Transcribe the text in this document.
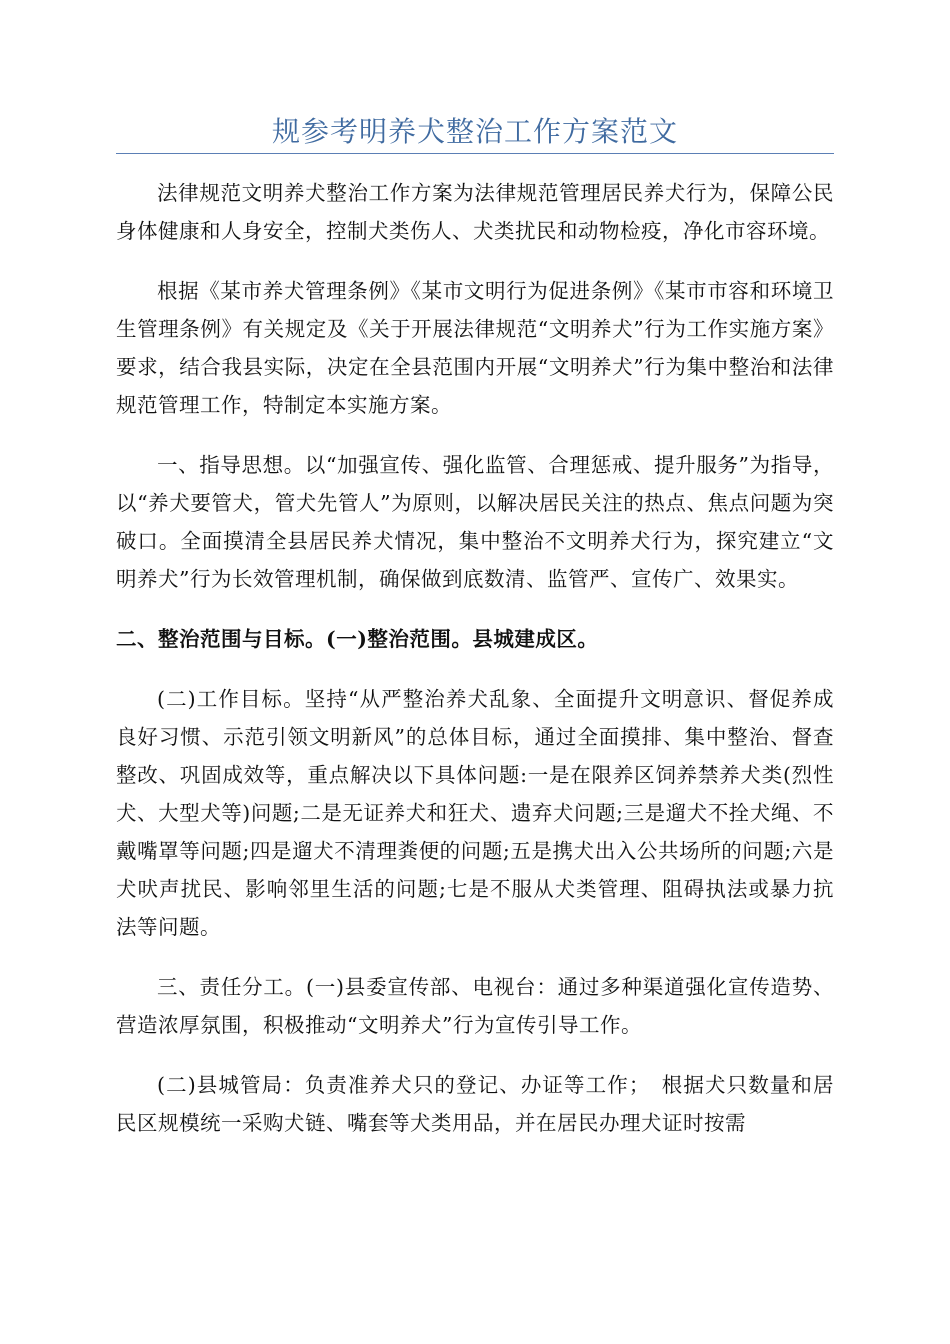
规参考明养犬整治工作方案范文

法律规范文明养犬整治工作方案为法律规范管理居民养犬行为，保障公民身体健康和人身安全，控制犬类伤人、犬类扰民和动物检疫，净化市容环境。

根据《某市养犬管理条例》《某市文明行为促进条例》《某市市容和环境卫生管理条例》有关规定及《关于开展法律规范“文明养犬”行为工作实施方案》要求，结合我县实际，决定在全县范围内开展“文明养犬”行为集中整治和法律规范管理工作，特制定本实施方案。

一、指导思想。以“加强宣传、强化监管、合理惩戒、提升服务”为指导，以“养犬要管犬，管犬先管人”为原则，以解决居民关注的热点、焦点问题为突破口。全面摸清全县居民养犬情况，集中整治不文明养犬行为，探究建立“文明养犬”行为长效管理机制，确保做到底数清、监管严、宣传广、效果实。

二、整治范围与目标。(一)整治范围。县城建成区。

(二)工作目标。坚持“从严整治养犬乱象、全面提升文明意识、督促养成良好习惯、示范引领文明新风”的总体目标，通过全面摸排、集中整治、督查整改、巩固成效等，重点解决以下具体问题:一是在限养区饲养禁养犬类(烈性犬、大型犬等)问题;二是无证养犬和狂犬、遗弃犬问题;三是遛犬不拴犬绳、不戴嘴罩等问题;四是遛犬不清理粪便的问题;五是携犬出入公共场所的问题;六是犬吠声扰民、影响邻里生活的问题;七是不服从犬类管理、阻碍执法或暴力抗法等问题。

三、责任分工。(一)县委宣传部、电视台：通过多种渠道强化宣传造势、营造浓厚氛围，积极推动“文明养犬”行为宣传引导工作。

(二)县城管局：负责准养犬只的登记、办证等工作；　根据犬只数量和居民区规模统一采购犬链、嘴套等犬类用品，并在居民办理犬证时按需
